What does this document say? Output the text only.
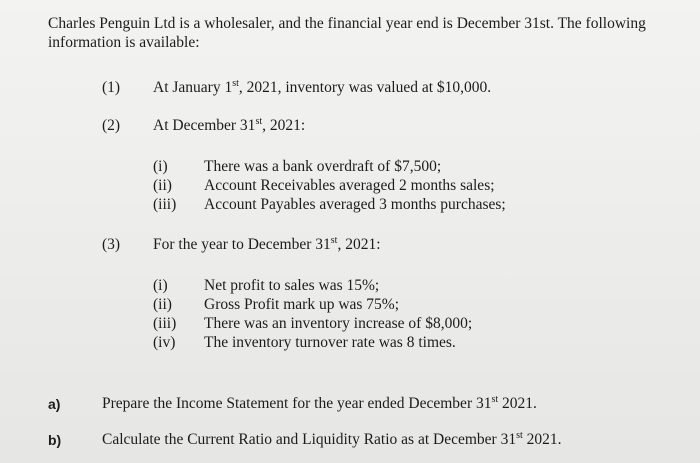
Charles Penguin Ltd is a wholesaler, and the financial year end is December 31st. The following information is available:
(1) At January 1st, 2021, inventory was valued at $10,000.
(2) At December 31st, 2021:
(i) There was a bank overdraft of $7,500;
(ii) Account Receivables averaged 2 months sales;
(iii) Account Payables averaged 3 months purchases;
(3) For the year to December 31st, 2021:
(i) Net profit to sales was 15%;
(ii) Gross Profit mark up was 75%;
(iii) There was an inventory increase of $8,000;
(iv) The inventory turnover rate was 8 times.
a)	Prepare the Income Statement for the year ended December 31st 2021.
b)	Calculate the Current Ratio and Liquidity Ratio as at December 31st 2021.
